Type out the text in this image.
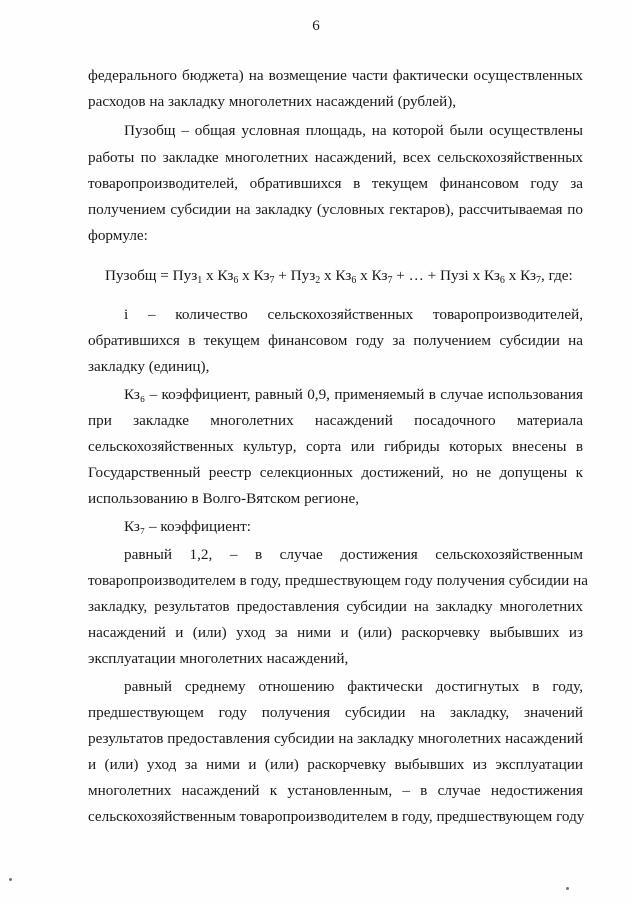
6
федерального бюджета) на возмещение части фактически осуществленных
расходов на закладку многолетних насаждений (рублей),
Пузобщ – общая условная площадь, на которой были осуществлены
работы по закладке многолетних насаждений, всех сельскохозяйственных
товаропроизводителей, обратившихся в текущем финансовом году за
получением субсидии на закладку (условных гектаров), рассчитываемая по
формуле:
Пузобщ = Пуз$_1$ x $Кз_6$ x $Кз_7 + Пуз_2$ x $Кз_6$ x $Кз_7$ + … + Пузi x $Кз_6$ x $Кз_7$, где:
i – количество сельскохозяйственных товаропроизводителей,
обратившихся в текущем финансовом году за получением субсидии на
закладку (единиц),
Кз₆ – коэффициент, равный 0,9, применяемый в случае использования
при закладке многолетних насаждений посадочного материала
сельскохозяйственных культур, сорта или гибриды которых внесены в
Государственный реестр селекционных достижений, но не допущены к
использованию в Волго-Вятском регионе,
Кз₇ – коэффициент:
равный 1,2, – в случае достижения сельскохозяйственным
товаропроизводителем в году, предшествующем году получения субсидии на
закладку, результатов предоставления субсидии на закладку многолетних
насаждений и (или) уход за ними и (или) раскорчевку выбывших из
эксплуатации многолетних насаждений,
равный среднему отношению фактически достигнутых в году,
предшествующем году получения субсидии на закладку, значений
результатов предоставления субсидии на закладку многолетних насаждений
и (или) уход за ними и (или) раскорчевку выбывших из эксплуатации
многолетних насаждений к установленным, – в случае недостижения
сельскохозяйственным товаропроизводителем в году, предшествующем году
